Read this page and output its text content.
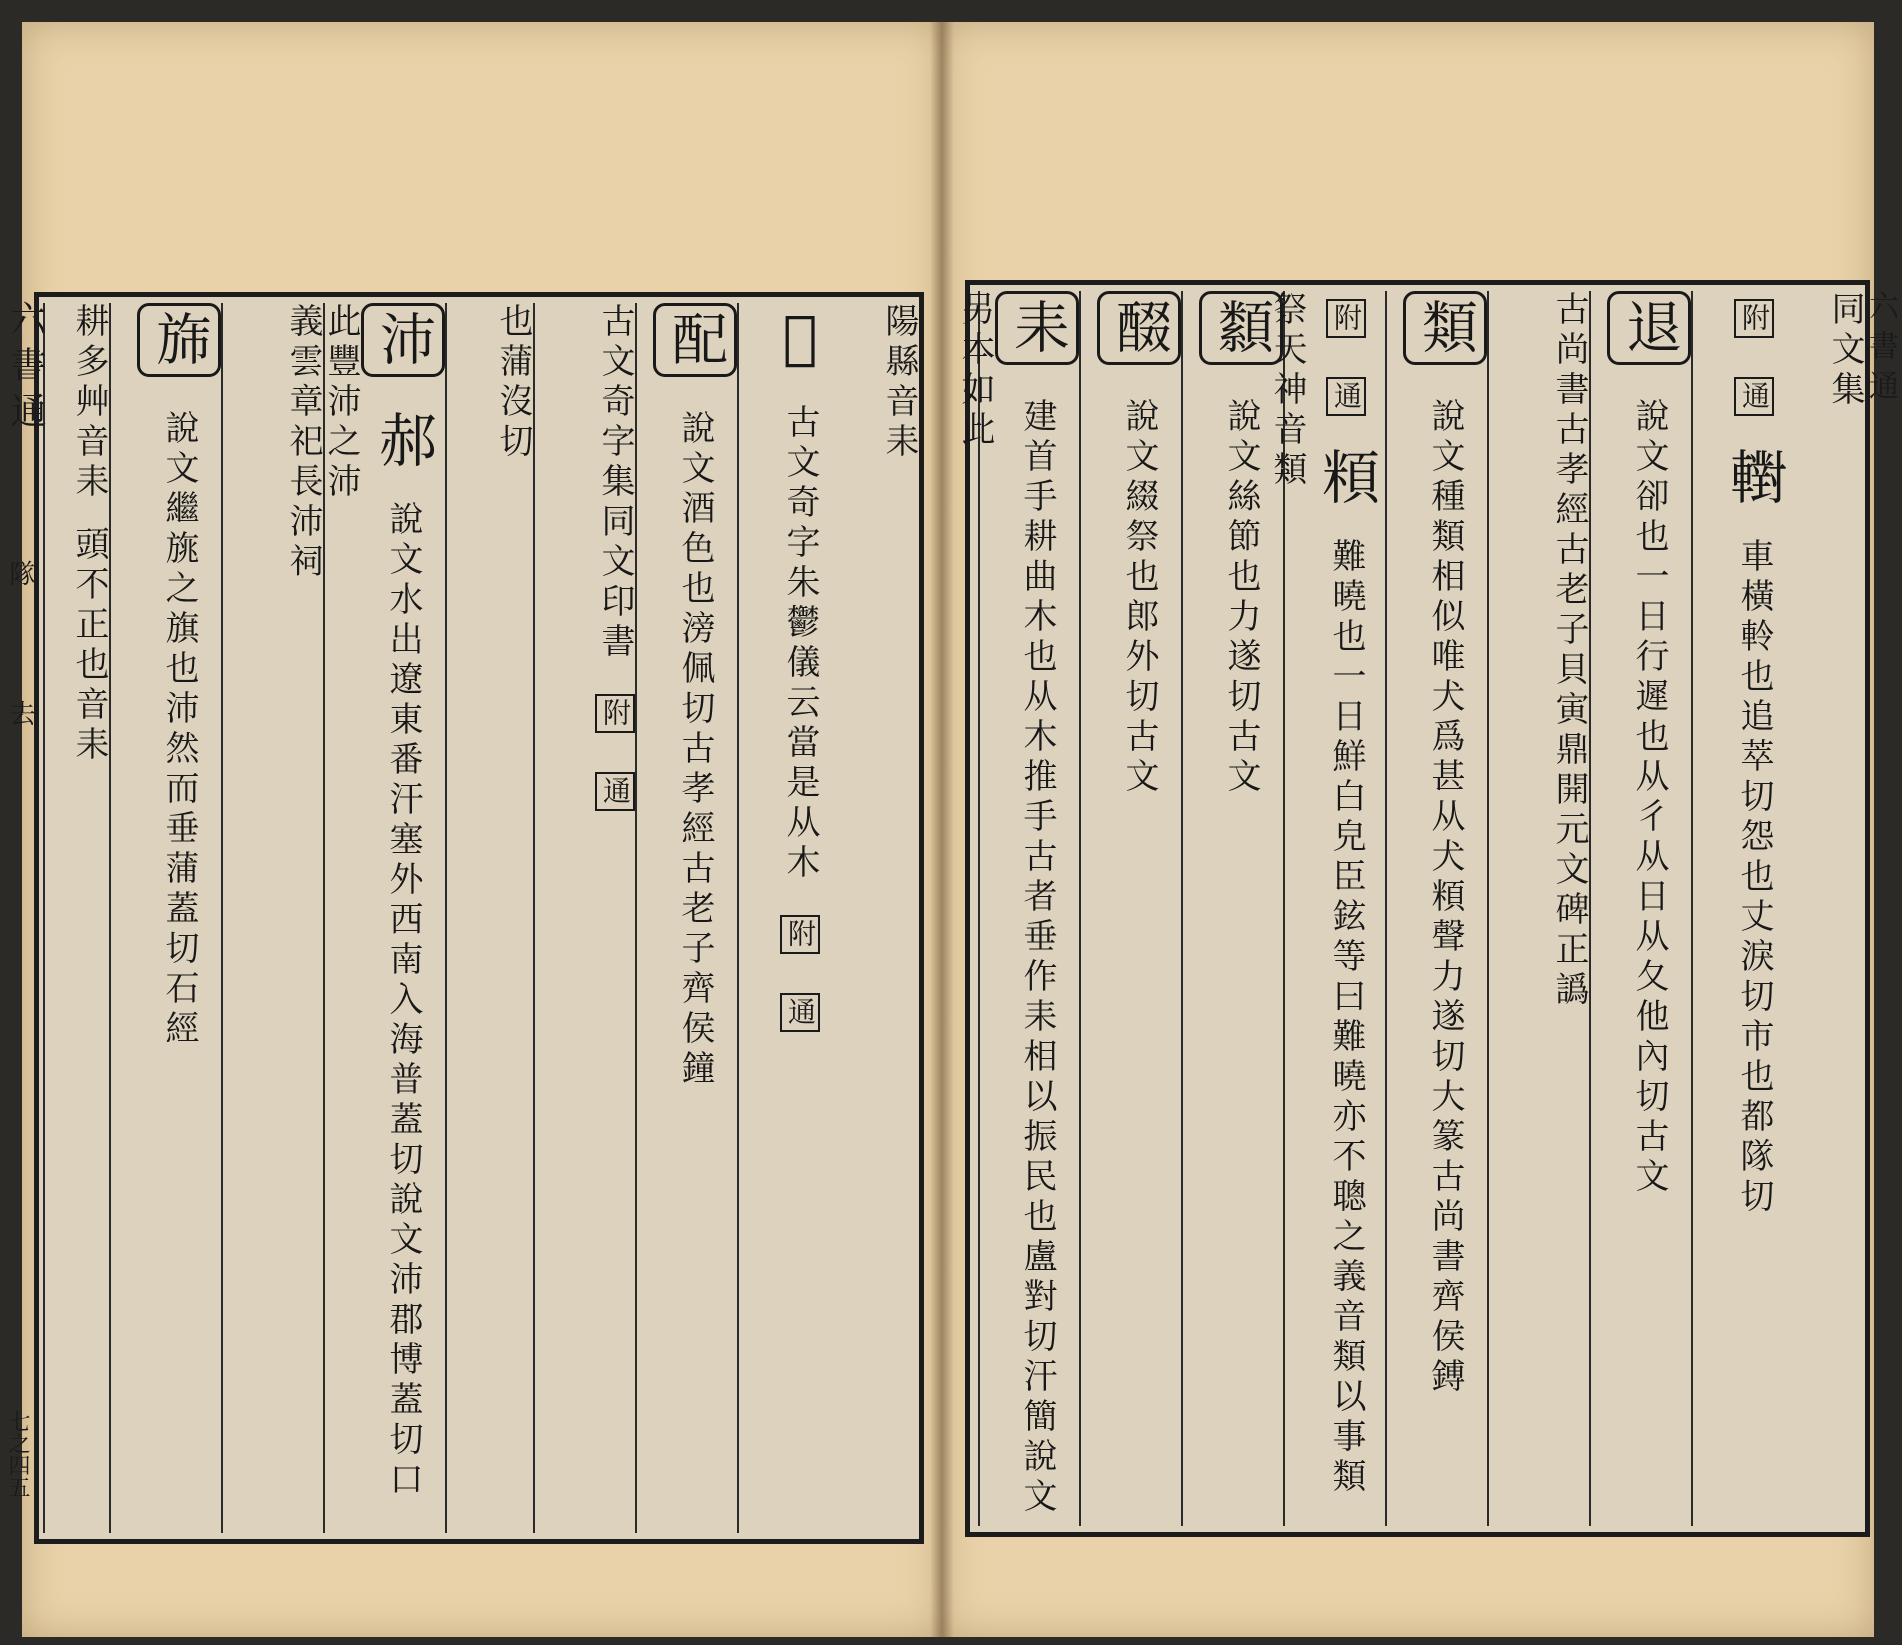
陽縣音耒
𣐂 古文奇字朱鬱儀云當是从木 附 通
配 說文酒色也滂佩切古孝經古老子齊侯鐘
古文奇字集同文印書 附 通
也蒲沒切
沛 郝 說文水出遼東番汗塞外西南入海普蓋切說文沛郡博蓋切口此豐沛之沛
義雲章祀長沛祠
旆 說文繼旐之旗也沛然而垂蒲蓋切石經
耕多艸音耒 頭不正也音耒
六書通
隊
去
七之四五
同文集
附 通 轛 車橫軨也追萃切怨也丈淚切市也都隊切
退 說文卻也一日行遲也从彳从日从夂他內切古文
古尚書古孝經古老子貝寅鼎開元文碑正譌
類 說文種類相似唯犬爲甚从犬頪聲力遂切大篆古尚書齊侯鎛
附 通 頪 難曉也一日鮮白皃臣鉉等曰難曉亦不聰之義音類以事類祭天神音類
纇 說文絲節也力遂切古文
醊 說文綴祭也郎外切古文
耒 建首手耕曲木也从木推手古者垂作耒相以振民也盧對切汗簡說文另本如此	六書通
